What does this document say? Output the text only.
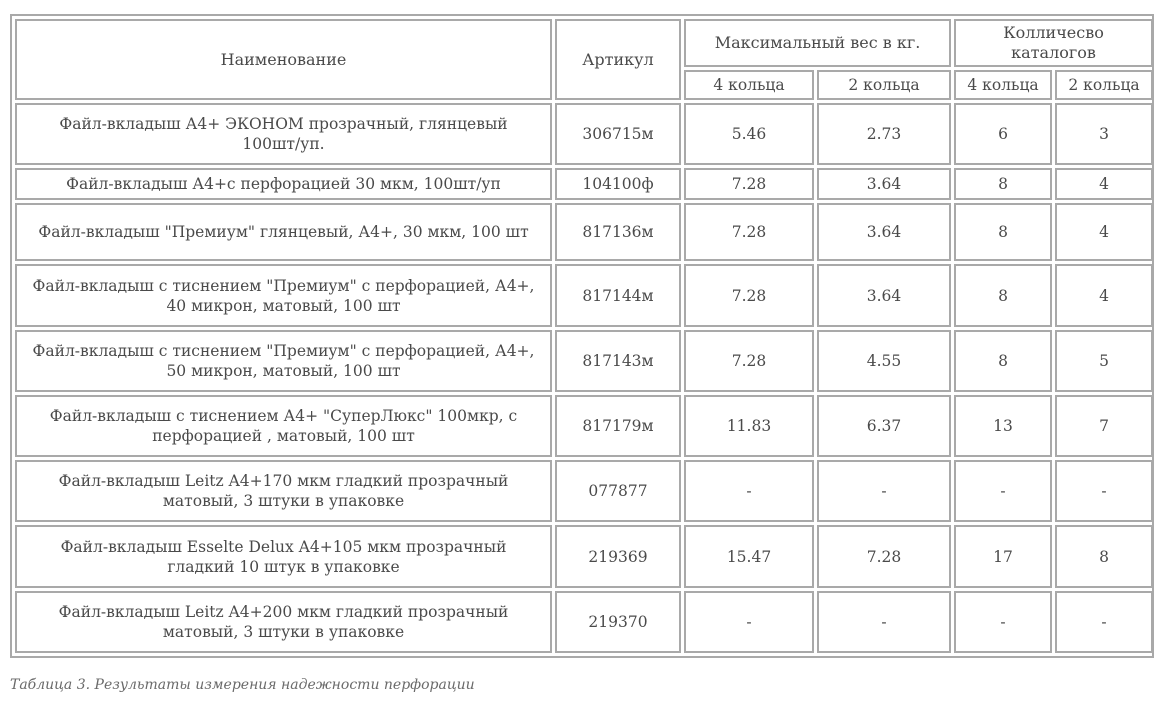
Наименование	Артикул	Максимальный вес в кг.		Колличесво каталогов	
		4 кольца	2 кольца	4 кольца	2 кольца
Файл-вкладыш А4+ ЭКОНОМ прозрачный, глянцевый 100шт/уп.	306715м	5.46	2.73	6	3
Файл-вкладыш А4+с перфорацией 30 мкм, 100шт/уп	104100ф	7.28	3.64	8	4
Файл-вкладыш "Премиум" глянцевый, А4+, 30 мкм, 100 шт	817136м	7.28	3.64	8	4
Файл-вкладыш с тиснением "Премиум" с перфорацией, А4+, 40 микрон, матовый, 100 шт	817144м	7.28	3.64	8	4
Файл-вкладыш с тиснением "Премиум" с перфорацией, А4+, 50 микрон, матовый, 100 шт	817143м	7.28	4.55	8	5
Файл-вкладыш с тиснением А4+ "СуперЛюкс" 100мкр, с перфорацией , матовый, 100 шт	817179м	11.83	6.37	13	7
Файл-вкладыш Leitz A4+170 мкм гладкий прозрачный матовый, 3 штуки в упаковке	077877	-	-	-	-
Файл-вкладыш Esselte Delux A4+105 мкм прозрачный гладкий 10 штук в упаковке	219369	15.47	7.28	17	8
Файл-вкладыш Leitz A4+200 мкм гладкий прозрачный матовый, 3 штуки в упаковке	219370	-	-	-	-
Таблица 3. Результаты измерения надежности перфорации
